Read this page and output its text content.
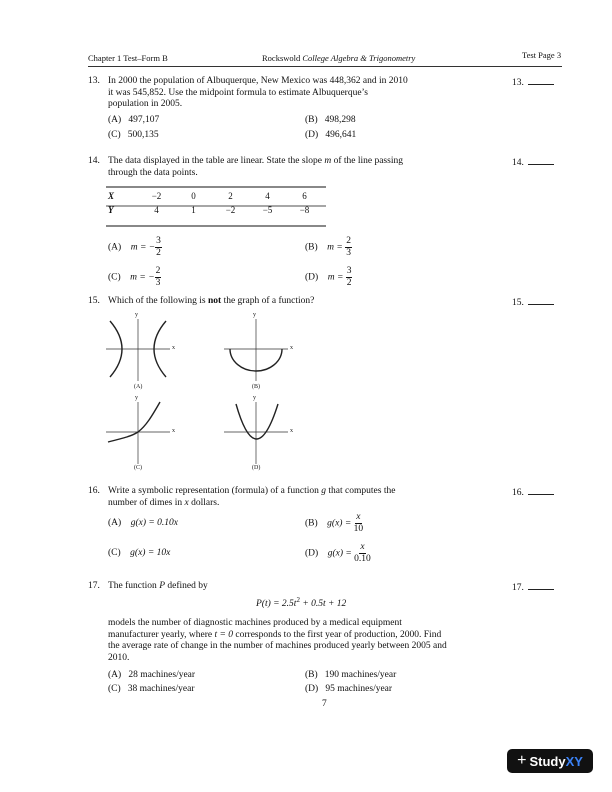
Chapter 1 Test–Form B	Rockswold College Algebra & Trigonometry	Test Page 3
13. In 2000 the population of Albuquerque, New Mexico was 448,362 and in 2010 it was 545,852. Use the midpoint formula to estimate Albuquerque’s population in 2005.
13.
(A) 497,107	(B) 498,298
(C) 500,135	(D) 496,641
14. The data displayed in the table are linear. State the slope m of the line passing through the data points.
14.
X	−2	0	2	4	6
Y	4	1	−2	−5	−8
(A) m = − $\frac{3}{2}$	(B) $m = \frac{2}{3}$
(C) m = − $\frac{2}{3}$	(D) $m = \frac{3}{2}$
15. Which of the following is not the graph of a function?	15.
x
y
(A)
x
y
(B)
x
y
(C)
x
y
(D)
16. Write a symbolic representation (formula) of a function g that computes the number of dimes in x dollars.
16.
(A) g(x) = 0.10x	(B) $g(x) = \frac{x}{10}$
(C) g(x) = 10x	(D) $g(x) = \frac{x}{0.10}$
17. The function P defined by	17.
$P(t) = 2.5t^2 + 0.5t + 12$
models the number of diagnostic machines produced by a medical equipment manufacturer yearly, where t = 0 corresponds to the first year of production, 2000. Find the average rate of change in the number of machines produced yearly between 2005 and 2010.
(A) 28 machines/year	(B) 190 machines/year
(C) 38 machines/year	(D) 95 machines/year
7
+ Study XY
